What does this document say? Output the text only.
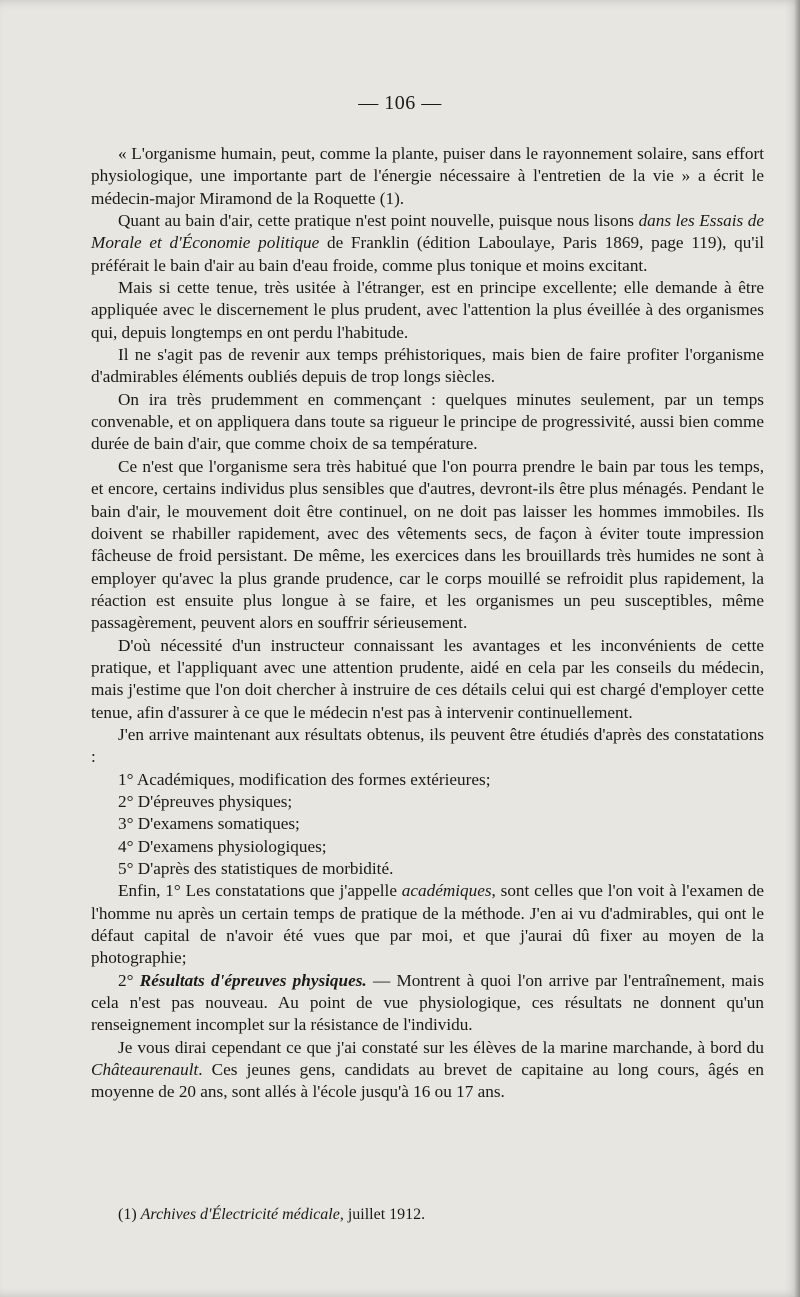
— 106 —

« L'organisme humain, peut, comme la plante, puiser dans le rayonnement solaire, sans effort physiologique, une importante part de l'énergie nécessaire à l'entretien de la vie » a écrit le médecin-major Miramond de la Roquette (1).

Quant au bain d'air, cette pratique n'est point nouvelle, puisque nous lisons dans les Essais de Morale et d'Économie politique de Franklin (édition Laboulaye, Paris 1869, page 119), qu'il préférait le bain d'air au bain d'eau froide, comme plus tonique et moins excitant.

Mais si cette tenue, très usitée à l'étranger, est en principe excellente; elle demande à être appliquée avec le discernement le plus prudent, avec l'attention la plus éveillée à des organismes qui, depuis longtemps en ont perdu l'habitude.

Il ne s'agit pas de revenir aux temps préhistoriques, mais bien de faire profiter l'organisme d'admirables éléments oubliés depuis de trop longs siècles.

On ira très prudemment en commençant : quelques minutes seulement, par un temps convenable, et on appliquera dans toute sa rigueur le principe de progressivité, aussi bien comme durée de bain d'air, que comme choix de sa température.

Ce n'est que l'organisme sera très habitué que l'on pourra prendre le bain par tous les temps, et encore, certains individus plus sensibles que d'autres, devront-ils être plus ménagés. Pendant le bain d'air, le mouvement doit être continuel, on ne doit pas laisser les hommes immobiles. Ils doivent se rhabiller rapidement, avec des vêtements secs, de façon à éviter toute impression fâcheuse de froid persistant. De même, les exercices dans les brouillards très humides ne sont à employer qu'avec la plus grande prudence, car le corps mouillé se refroidit plus rapidement, la réaction est ensuite plus longue à se faire, et les organismes un peu susceptibles, même passagèrement, peuvent alors en souffrir sérieusement.

D'où nécessité d'un instructeur connaissant les avantages et les inconvénients de cette pratique, et l'appliquant avec une attention prudente, aidé en cela par les conseils du médecin, mais j'estime que l'on doit chercher à instruire de ces détails celui qui est chargé d'employer cette tenue, afin d'assurer à ce que le médecin n'est pas à intervenir continuellement.

J'en arrive maintenant aux résultats obtenus, ils peuvent être étudiés d'après des constatations :

1° Académiques, modification des formes extérieures;

2° D'épreuves physiques;

3° D'examens somatiques;

4° D'examens physiologiques;

5° D'après des statistiques de morbidité.

Enfin, 1° Les constatations que j'appelle académiques, sont celles que l'on voit à l'examen de l'homme nu après un certain temps de pratique de la méthode. J'en ai vu d'admirables, qui ont le défaut capital de n'avoir été vues que par moi, et que j'aurai dû fixer au moyen de la photographie;

2° Résultats d'épreuves physiques. — Montrent à quoi l'on arrive par l'entraînement, mais cela n'est pas nouveau. Au point de vue physiologique, ces résultats ne donnent qu'un renseignement incomplet sur la résistance de l'individu.

Je vous dirai cependant ce que j'ai constaté sur les élèves de la marine marchande, à bord du Châteaurenault. Ces jeunes gens, candidats au brevet de capitaine au long cours, âgés en moyenne de 20 ans, sont allés à l'école jusqu'à 16 ou 17 ans.

(1) Archives d'Électricité médicale, juillet 1912.
